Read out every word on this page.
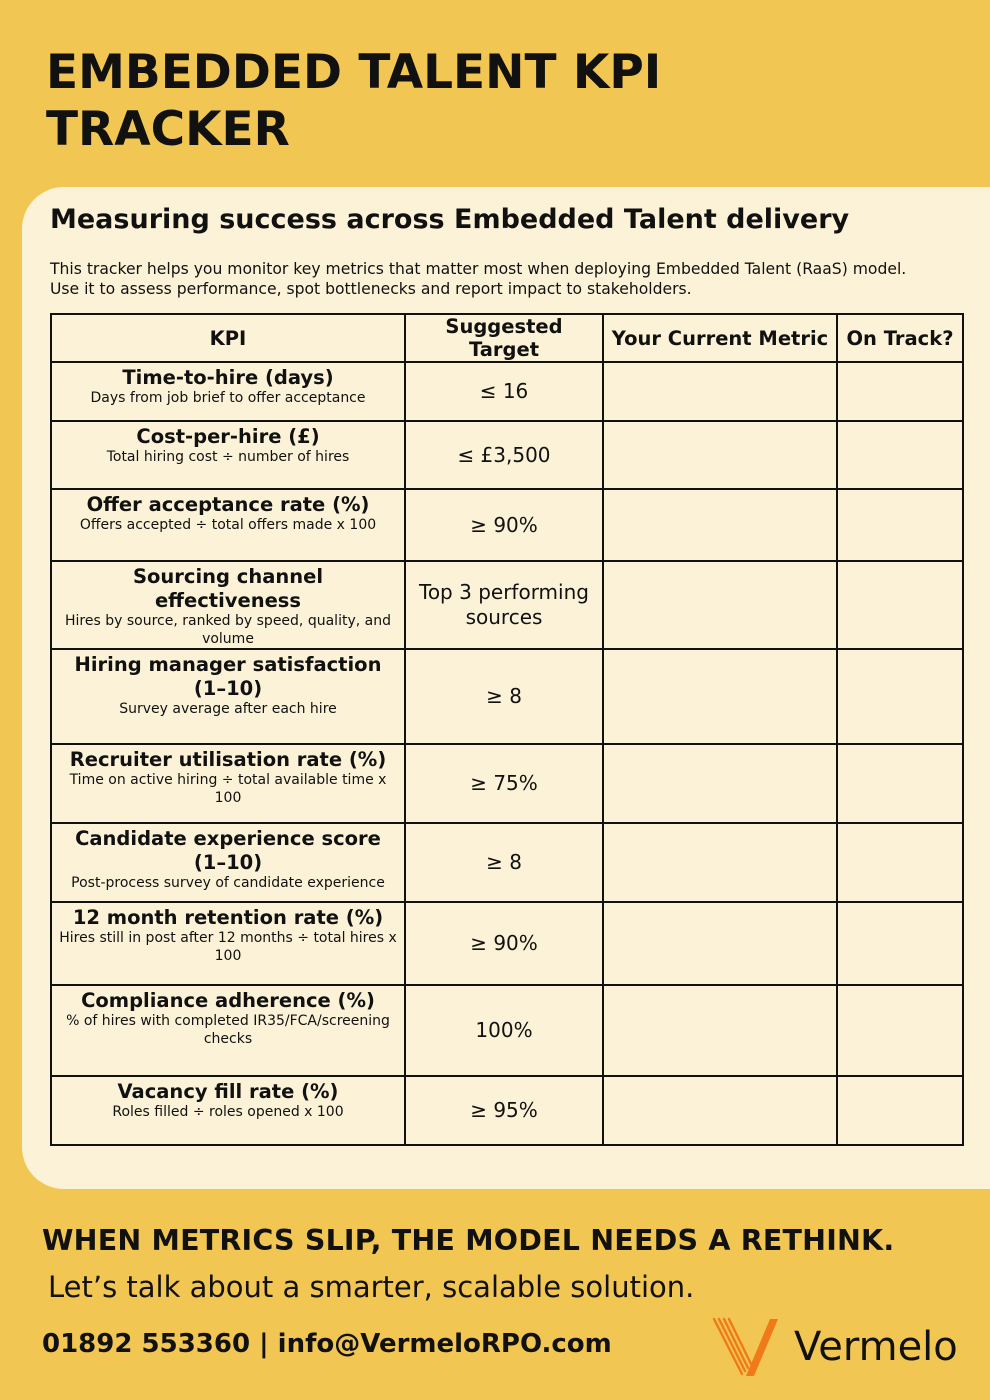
EMBEDDED TALENT KPI TRACKER
Measuring success across Embedded Talent delivery
This tracker helps you monitor key metrics that matter most when deploying Embedded Talent (RaaS) model. Use it to assess performance, spot bottlenecks and report impact to stakeholders.
KPI	Suggested Target	Your Current Metric	On Track?

Time-to-hire (days)
Days from job brief to offer acceptance	≤ 16		

Cost-per-hire (£)
Total hiring cost ÷ number of hires	≤ £3,500		

Offer acceptance rate (%)
Offers accepted ÷ total offers made x 100	≥ 90%		

Sourcing channel effectiveness
Hires by source, ranked by speed, quality, and volume	Top 3 performing sources		

Hiring manager satisfaction (1–10)
Survey average after each hire	≥ 8		

Recruiter utilisation rate (%)
Time on active hiring ÷ total available time x 100	≥ 75%		

Candidate experience score (1–10)
Post-process survey of candidate experience	≥ 8		

12 month retention rate (%)
Hires still in post after 12 months ÷ total hires x 100	≥ 90%		

Compliance adherence (%)
% of hires with completed IR35/FCA/screening checks	100%		

Vacancy fill rate (%)
Roles filled ÷ roles opened x 100	≥ 95%		
WHEN METRICS SLIP, THE MODEL NEEDS A RETHINK.
Let’s talk about a smarter, scalable solution.
01892 553360 | info@VermeloRPO.com	Vermelo
